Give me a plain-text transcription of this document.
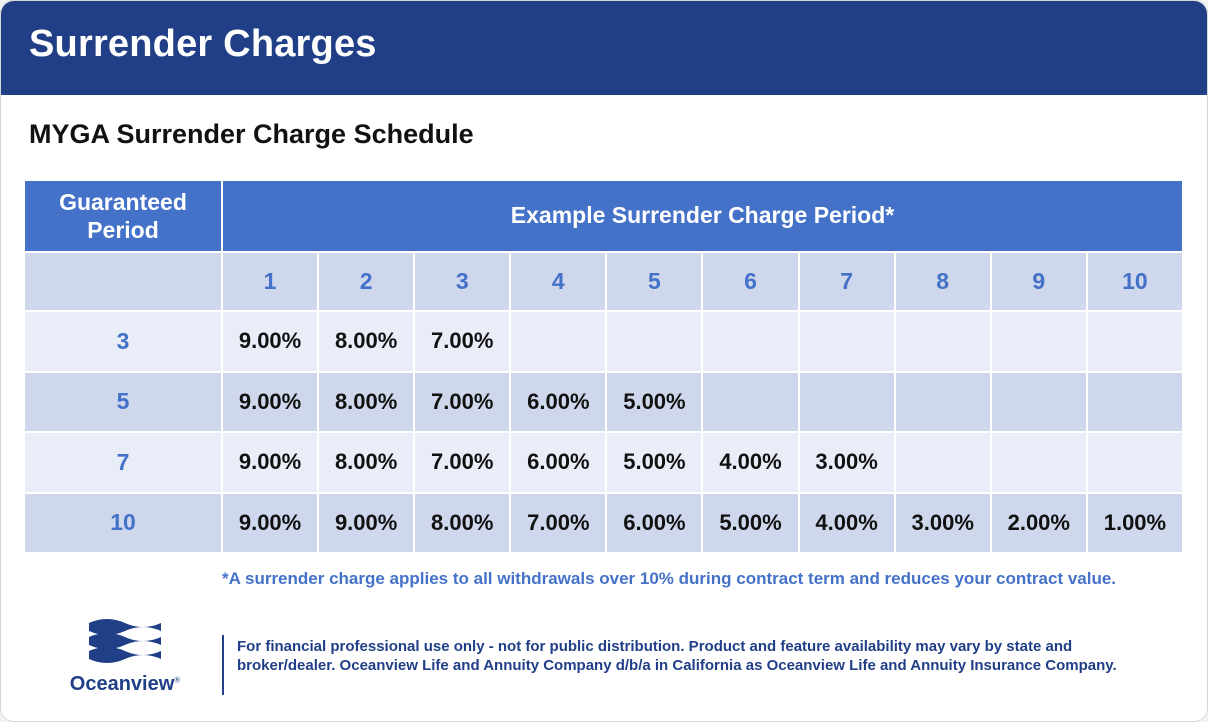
Surrender Charges
MYGA Surrender Charge Schedule
Guaranteed Period	Example Surrender Charge Period*									
	1	2	3	4	5	6	7	8	9	10
3	9.00%	8.00%	7.00%							
5	9.00%	8.00%	7.00%	6.00%	5.00%					
7	9.00%	8.00%	7.00%	6.00%	5.00%	4.00%	3.00%			
10	9.00%	9.00%	8.00%	7.00%	6.00%	5.00%	4.00%	3.00%	2.00%	1.00%
*A surrender charge applies to all withdrawals over 10% during contract term and reduces your contract value.
Oceanview®
For financial professional use only - not for public distribution. Product and feature availability may vary by state and broker/dealer. Oceanview Life and Annuity Company d/b/a in California as Oceanview Life and Annuity Insurance Company.
